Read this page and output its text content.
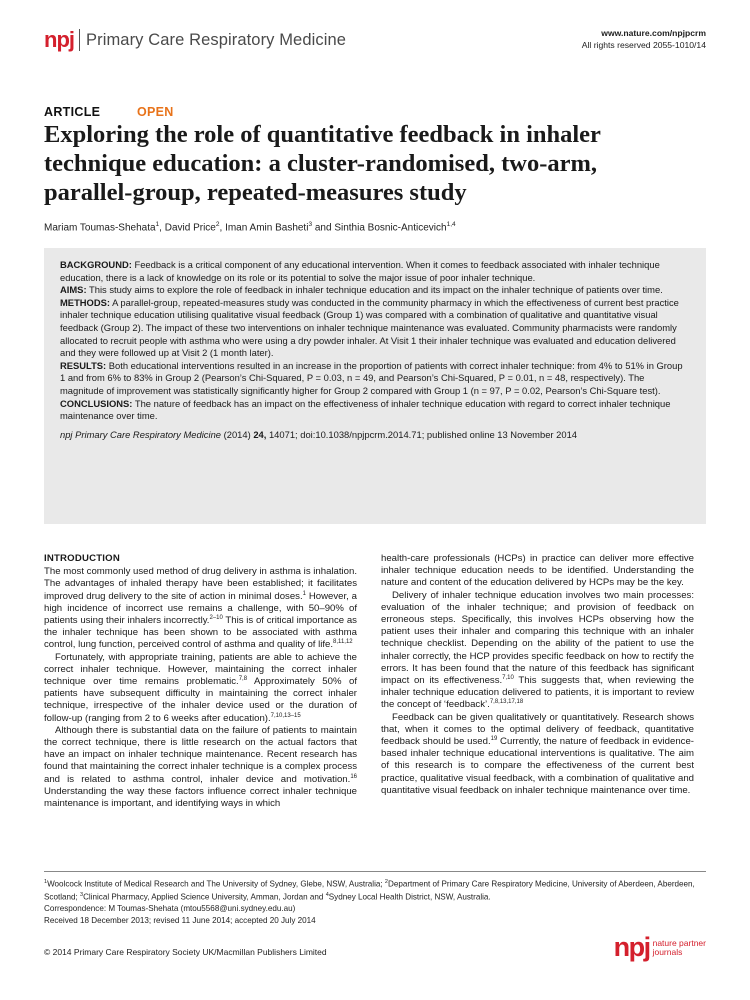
npj Primary Care Respiratory Medicine	www.nature.com/npjpcrm
All rights reserved 2055-1010/14
ARTICLE	OPEN
Exploring the role of quantitative feedback in inhaler technique education: a cluster-randomised, two-arm, parallel-group, repeated-measures study
Mariam Toumas-Shehata$^1$, David Price$^2$, Iman Amin Basheti$^3$ and Sinthia Bosnic-Anticevich$^{1,4}$

BACKGROUND: Feedback is a critical component of any educational intervention. When it comes to feedback associated with inhaler technique education, there is a lack of knowledge on its role or its potential to solve the major issue of poor inhaler technique.

AIMS: This study aims to explore the role of feedback in inhaler technique education and its impact on the inhaler technique of patients over time.

METHODS: A parallel-group, repeated-measures study was conducted in the community pharmacy in which the effectiveness of current best practice inhaler technique education utilising qualitative visual feedback (Group 1) was compared with a combination of qualitative and quantitative visual feedback (Group 2). The impact of these two interventions on inhaler technique maintenance was evaluated. Community pharmacists were randomly allocated to recruit people with asthma who were using a dry powder inhaler. At Visit 1 their inhaler technique was evaluated and education delivered and they were followed up at Visit 2 (1 month later).

RESULTS: Both educational interventions resulted in an increase in the proportion of patients with correct inhaler technique: from 4% to 51% in Group 1 and from 6% to 83% in Group 2 (Pearson’s Chi-Squared, P = 0.03, n = 49, and Pearson’s Chi-Squared, P = 0.01, n = 48, respectively). The magnitude of improvement was statistically significantly higher for Group 2 compared with Group 1 (n = 97, P = 0.02, Pearson’s Chi-Square test).

CONCLUSIONS: The nature of feedback has an impact on the effectiveness of inhaler technique education with regard to correct inhaler technique maintenance over time.

npj Primary Care Respiratory Medicine (2014) 24, 14071; doi:10.1038/npjpcrm.2014.71; published online 13 November 2014

INTRODUCTION

The most commonly used method of drug delivery in asthma is inhalation. The advantages of inhaled therapy have been established; it facilitates improved drug delivery to the site of action in minimal doses.$^1$ However, a high incidence of incorrect use remains a challenge, with 50–90% of patients using their inhalers incorrectly.$^{2-10}$ This is of critical importance as the inhaler technique has been shown to be associated with asthma control, lung function, perceived control of asthma and quality of life.$^{8,11,12}$

Fortunately, with appropriate training, patients are able to achieve the correct inhaler technique. However, maintaining the correct inhaler technique over time remains problematic.$^{7,8}$ Approximately 50% of patients have subsequent difficulty in maintaining the correct inhaler technique, irrespective of the inhaler device used or the duration of follow-up (ranging from 2 to 6 weeks after education).$^{7,10,13-15}$

Although there is substantial data on the failure of patients to maintain the correct technique, there is little research on the actual factors that have an impact on inhaler technique maintenance. Recent research has found that maintaining the correct inhaler technique is a complex process and is related to asthma control, inhaler device and motivation.$^{16}$ Understanding the way these factors influence correct inhaler technique maintenance is important, and identifying ways in which

health-care professionals (HCPs) in practice can deliver more effective inhaler technique education needs to be identified. Understanding the nature and content of the education delivered by HCPs may be the key.

Delivery of inhaler technique education involves two main processes: evaluation of the inhaler technique; and provision of feedback on erroneous steps. Specifically, this involves HCPs observing how the patient uses their inhaler and comparing this technique with an inhaler technique checklist. Depending on the ability of the patient to use the inhaler correctly, the HCP provides specific feedback on how to rectify the errors. It has been found that the nature of this feedback has significant impact on its effectiveness.$^{7,10}$ This suggests that, when reviewing the inhaler technique education delivered to patients, it is important to review the concept of ‘feedback’.$^{7,8,13,17,18}$

Feedback can be given qualitatively or quantitatively. Research shows that, when it comes to the optimal delivery of feedback, quantitative feedback should be used.$^{19}$ Currently, the nature of feedback in evidence-based inhaler technique educational interventions is qualitative. The aim of this research is to compare the effectiveness of the current best practice, qualitative visual feedback, with a combination of qualitative and quantitative visual feedback on inhaler technique maintenance over time.

$^1$Woolcock Institute of Medical Research and The University of Sydney, Glebe, NSW, Australia; $^2$Department of Primary Care Respiratory Medicine, University of Aberdeen, Aberdeen, Scotland; $^3$Clinical Pharmacy, Applied Science University, Amman, Jordan and $^4$Sydney Local Health District, NSW, Australia.
Correspondence: M Toumas-Shehata (mtou5568@uni.sydney.edu.au)
Received 18 December 2013; revised 11 June 2014; accepted 20 July 2014
© 2014 Primary Care Respiratory Society UK/Macmillan Publishers Limited	npj nature partner
journals
